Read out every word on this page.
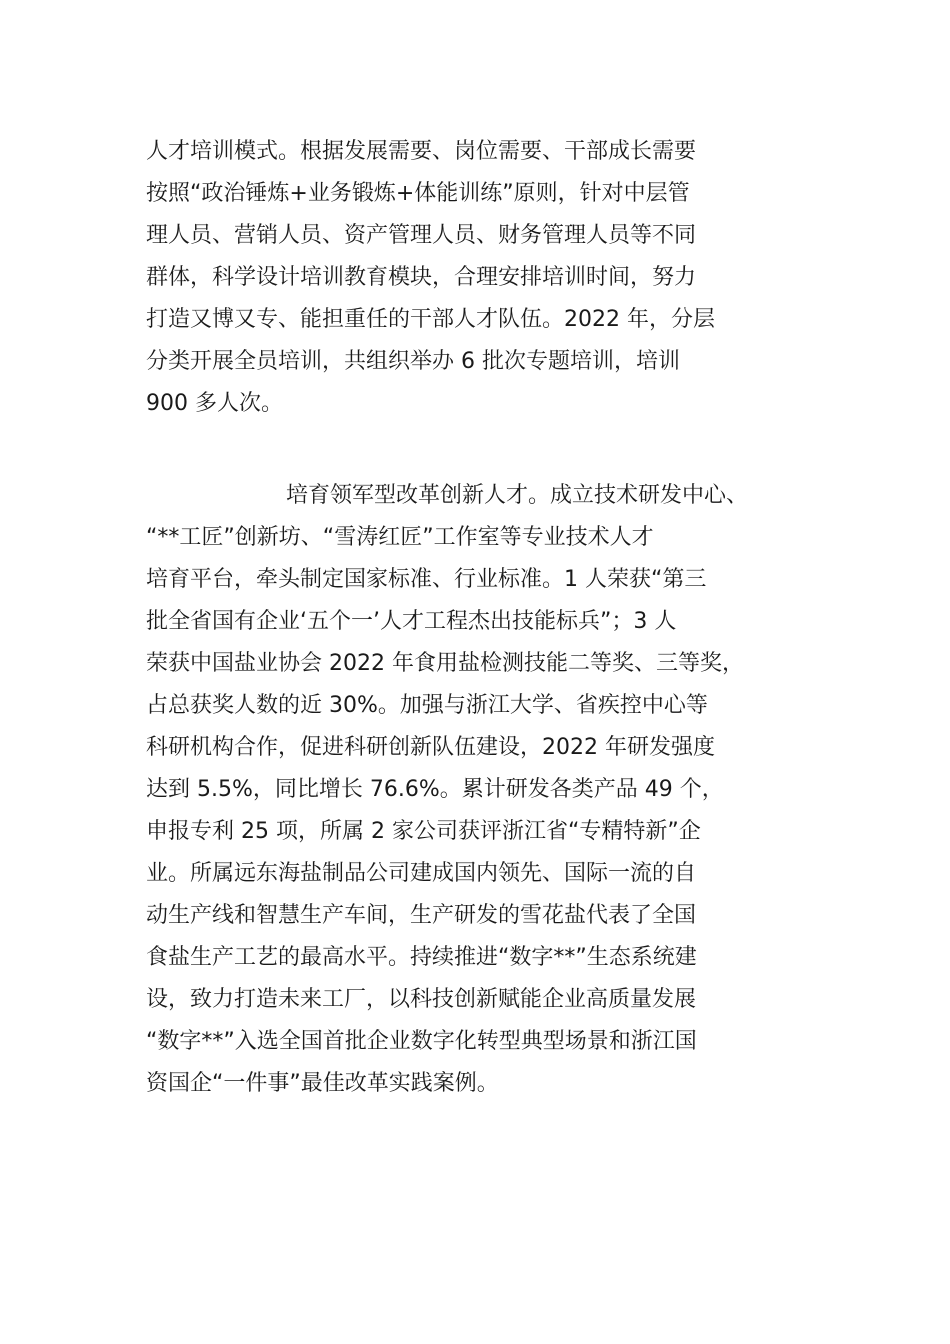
人才培训模式。根据发展需要、岗位需要、干部成长需要
按照“政治锤炼+业务锻炼+体能训练”原则，针对中层管
理人员、营销人员、资产管理人员、财务管理人员等不同
群体，科学设计培训教育模块，合理安排培训时间，努力
打造又博又专、能担重任的干部人才队伍。2022 年，分层
分类开展全员培训，共组织举办 6 批次专题培训，培训
900 多人次。
培育领军型改革创新人才。成立技术研发中心、
“**工匠”创新坊、“雪涛红匠”工作室等专业技术人才
培育平台，牵头制定国家标准、行业标准。1 人荣获“第三
批全省国有企业‘五个一’人才工程杰出技能标兵”；3 人
荣获中国盐业协会 2022 年食用盐检测技能二等奖、三等奖，
占总获奖人数的近 30%。加强与浙江大学、省疾控中心等
科研机构合作，促进科研创新队伍建设，2022 年研发强度
达到 5.5%，同比增长 76.6%。累计研发各类产品 49 个，
申报专利 25 项，所属 2 家公司获评浙江省“专精特新”企
业。所属远东海盐制品公司建成国内领先、国际一流的自
动生产线和智慧生产车间，生产研发的雪花盐代表了全国
食盐生产工艺的最高水平。持续推进“数字**”生态系统建
设，致力打造未来工厂，以科技创新赋能企业高质量发展
“数字**”入选全国首批企业数字化转型典型场景和浙江国
资国企“一件事”最佳改革实践案例。
